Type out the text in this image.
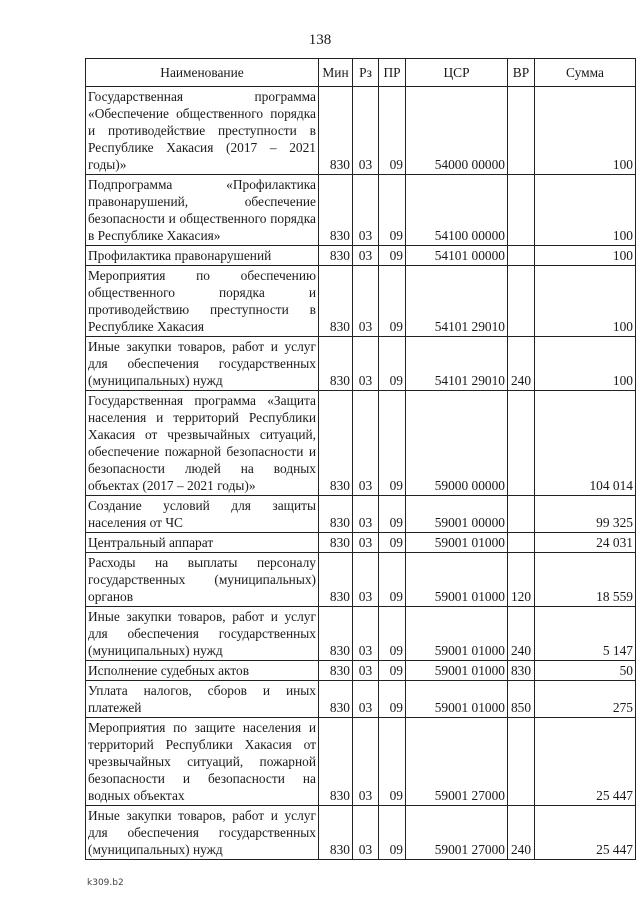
138
Наименование	Мин	Рз	ПР	ЦСР	ВР	Сумма
Государственная программа «Обеспечение общественного порядка и противодействие преступности в Республике Хакасия (2017 – 2021 годы)»	830	03	09	54000 00000		100
Подпрограмма «Профилактика правонарушений, обеспечение безопасности и общественного порядка в Республике Хакасия»	830	03	09	54100 00000		100
Профилактика правонарушений	830	03	09	54101 00000		100
Мероприятия по обеспечению общественного порядка и противодействию преступности в Республике Хакасия	830	03	09	54101 29010		100
Иные закупки товаров, работ и услуг для обеспечения государственных (муниципальных) нужд	830	03	09	54101 29010	240	100
Государственная программа «Защита населения и территорий Республики Хакасия от чрезвычайных ситуаций, обеспечение пожарной безопасности и безопасности людей на водных объектах (2017 – 2021 годы)»	830	03	09	59000 00000		104 014
Создание условий для защиты населения от ЧС	830	03	09	59001 00000		99 325
Центральный аппарат	830	03	09	59001 01000		24 031
Расходы на выплаты персоналу государственных (муниципальных) органов	830	03	09	59001 01000	120	18 559
Иные закупки товаров, работ и услуг для обеспечения государственных (муниципальных) нужд	830	03	09	59001 01000	240	5 147
Исполнение судебных актов	830	03	09	59001 01000	830	50
Уплата налогов, сборов и иных платежей	830	03	09	59001 01000	850	275
Мероприятия по защите населения и территорий Республики Хакасия от чрезвычайных ситуаций, пожарной безопасности и безопасности на водных объектах	830	03	09	59001 27000		25 447
Иные закупки товаров, работ и услуг для обеспечения государственных (муниципальных) нужд	830	03	09	59001 27000	240	25 447
k309.b2
